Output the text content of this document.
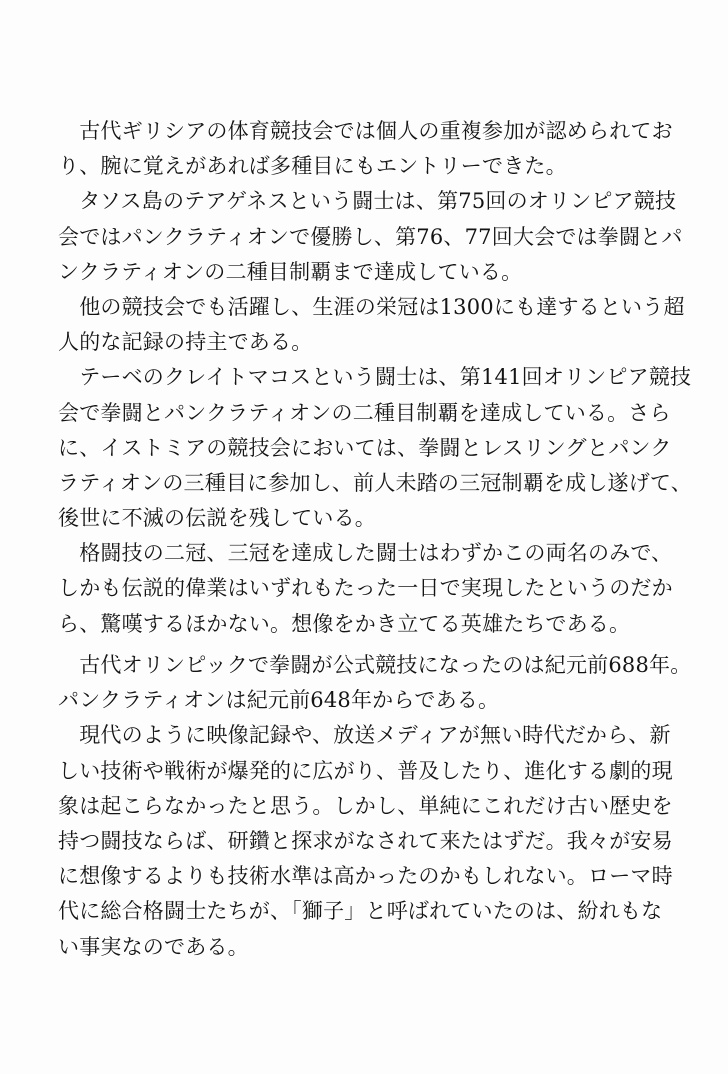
　古代ギリシアの体育競技会では個人の重複参加が認められてお
り、腕に覚えがあれば多種目にもエントリーできた。
　タソス島のテアゲネスという闘士は、第75回のオリンピア競技
会ではパンクラティオンで優勝し、第76、77回大会では拳闘とパ
ンクラティオンの二種目制覇まで達成している。
　他の競技会でも活躍し、生涯の栄冠は1300にも達するという超
人的な記録の持主である。
　テーベのクレイトマコスという闘士は、第141回オリンピア競技
会で拳闘とパンクラティオンの二種目制覇を達成している。さら
に、イストミアの競技会においては、拳闘とレスリングとパンク
ラティオンの三種目に参加し、前人未踏の三冠制覇を成し遂げて、
後世に不滅の伝説を残している。
　格闘技の二冠、三冠を達成した闘士はわずかこの両名のみで、
しかも伝説的偉業はいずれもたった一日で実現したというのだか
ら、驚嘆するほかない。想像をかき立てる英雄たちである。
　古代オリンピックで拳闘が公式競技になったのは紀元前688年。
パンクラティオンは紀元前648年からである。
　現代のように映像記録や、放送メディアが無い時代だから、新
しい技術や戦術が爆発的に広がり、普及したり、進化する劇的現
象は起こらなかったと思う。しかし、単純にこれだけ古い歴史を
持つ闘技ならば、研鑽と探求がなされて来たはずだ。我々が安易
に想像するよりも技術水準は高かったのかもしれない。ローマ時
代に総合格闘士たちが、「獅子」と呼ばれていたのは、紛れもな
い事実なのである。
